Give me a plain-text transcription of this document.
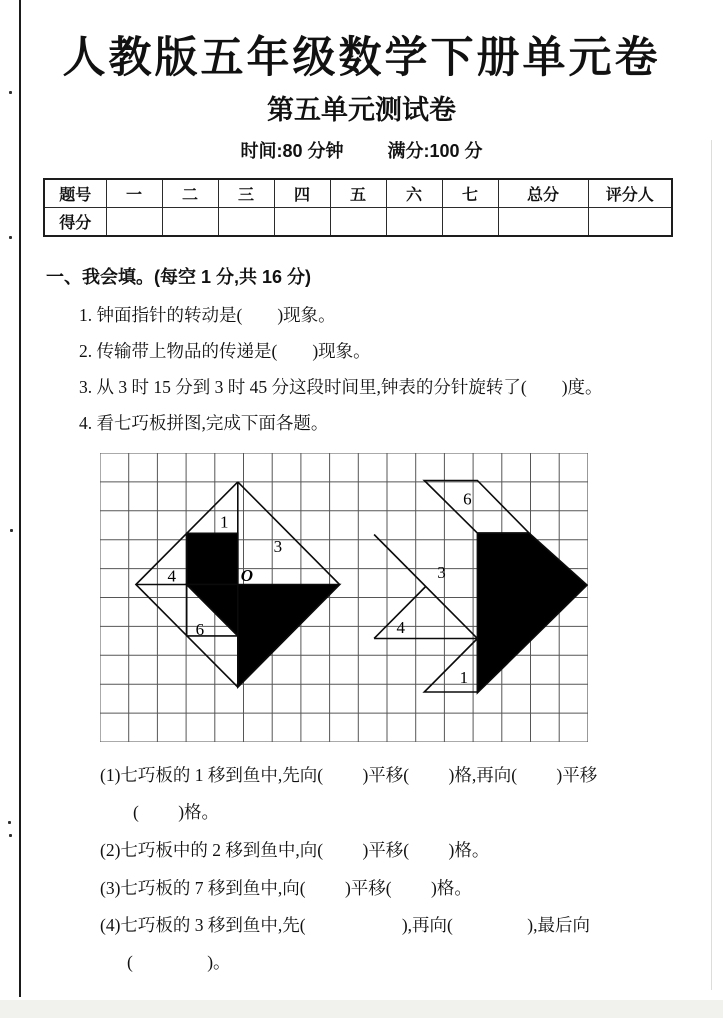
人教版五年级数学下册单元卷
第五单元测试卷
时间:80 分钟 满分:100 分
题号	一	二	三	四	五	六	七	总分	评分人
得分									
一、我会填。(每空 1 分,共 16 分)
1. 钟面指针的转动是(        )现象。
2. 传输带上物品的传递是(        )现象。
3. 从 3 时 15 分到 3 时 45 分这段时间里,钟表的分针旋转了(        )度。
4. 看七巧板拼图,完成下面各题。
1
3
4	O
6
6
3
4
1
(1)七巧板的 1 移到鱼中,先向(         )平移(         )格,再向(         )平移
(         )格。
(2)七巧板中的 2 移到鱼中,向(         )平移(         )格。
(3)七巧板的 7 移到鱼中,向(         )平移(         )格。
(4)七巧板的 3 移到鱼中,先(                      ),再向(                 ),最后向
(                 )。
